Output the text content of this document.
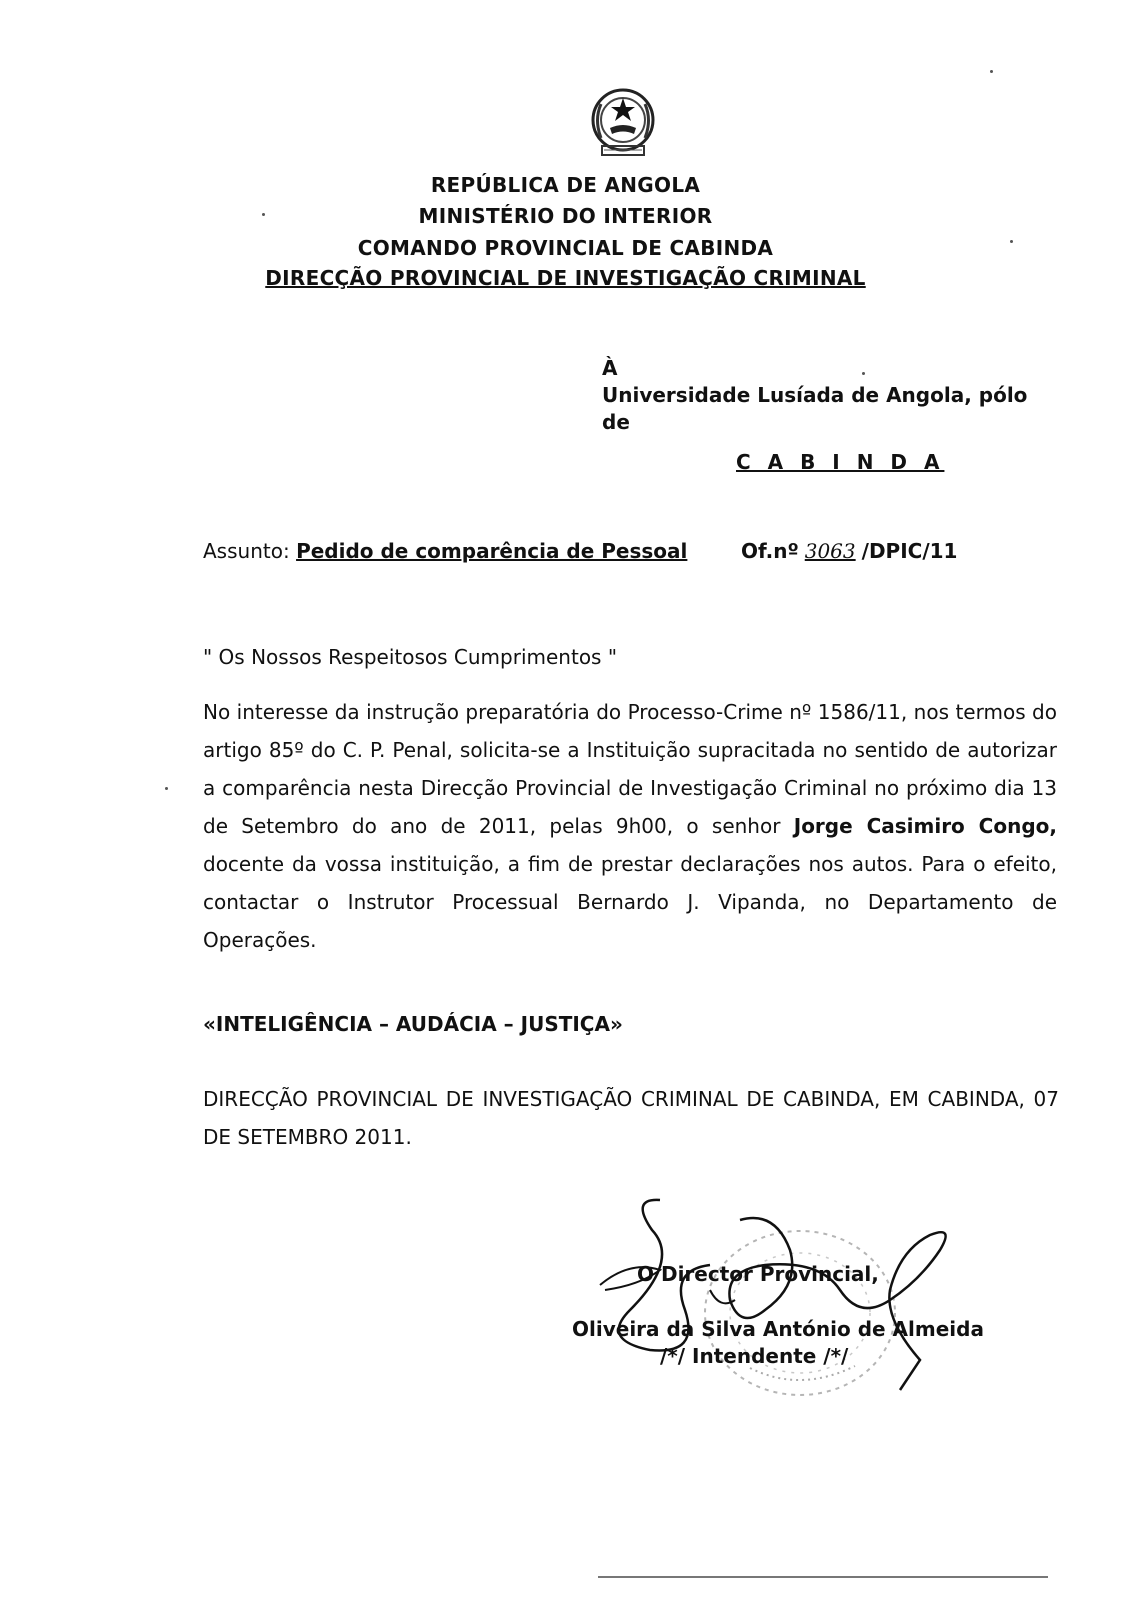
REPÚBLICA DE ANGOLA
MINISTÉRIO DO INTERIOR
COMANDO PROVINCIAL DE CABINDA
DIRECÇÃO PROVINCIAL DE INVESTIGAÇÃO CRIMINAL
À
Universidade Lusíada de Angola, pólo
de
C A B I N D A
Assunto: Pedido de comparência de Pessoal	Of.nº 3063 /DPIC/11
" Os Nossos Respeitosos Cumprimentos "
No interesse da instrução preparatória do Processo-Crime nº 1586/11, nos termos do artigo 85º do C. P. Penal, solicita-se a Instituição supracitada no sentido de autorizar a comparência nesta Direcção Provincial de Investigação Criminal no próximo dia 13 de Setembro do ano de 2011, pelas 9h00, o senhor Jorge Casimiro Congo, docente da vossa instituição, a fim de prestar declarações nos autos. Para o efeito, contactar o Instrutor Processual Bernardo J. Vipanda, no Departamento de Operações.
«INTELIGÊNCIA – AUDÁCIA – JUSTIÇA»
DIRECÇÃO PROVINCIAL DE INVESTIGAÇÃO CRIMINAL DE CABINDA, EM CABINDA, 07 DE SETEMBRO 2011.
O Director Provincial,
Oliveira da Silva António de Almeida
/*/ Intendente /*/
